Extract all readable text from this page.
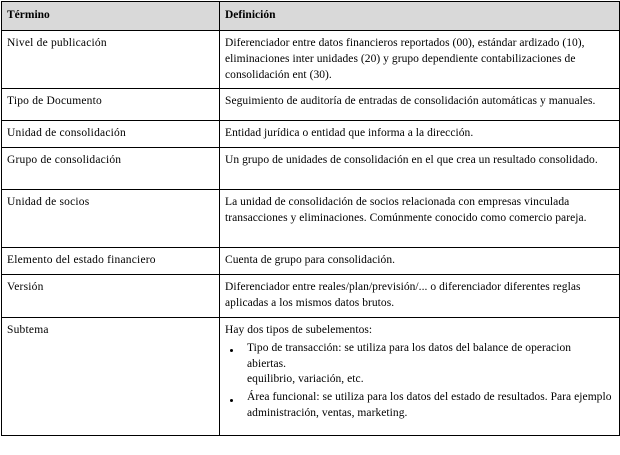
Término	Definición
Nivel de publicación	Diferenciador entre datos financieros reportados (00), estándar ardizado (10), eliminaciones inter unidades (20) y grupo dependiente contabilizaciones de consolidación ent (30).
Tipo de Documento	Seguimiento de auditoría de entradas de consolidación automáticas y manuales.
Unidad de consolidación	Entidad jurídica o entidad que informa a la dirección.
Grupo de consolidación	Un grupo de unidades de consolidación en el que crea un resultado consolidado.
Unidad de socios	La unidad de consolidación de socios relacionada con empresas vinculada transacciones y eliminaciones. Comúnmente conocido como comercio pareja.
Elemento del estado financiero	Cuenta de grupo para consolidación.
Versión	Diferenciador entre reales/plan/previsión/... o diferenciador diferentes reglas aplicadas a los mismos datos brutos.
Subtema	Hay dos tipos de subelementos:
Tipo de transacción: se utiliza para los datos del balance de operacion abiertas.
equilibrio, variación, etc.
Área funcional: se utiliza para los datos del estado de resultados. Para ejemplo administración, ventas, marketing.
